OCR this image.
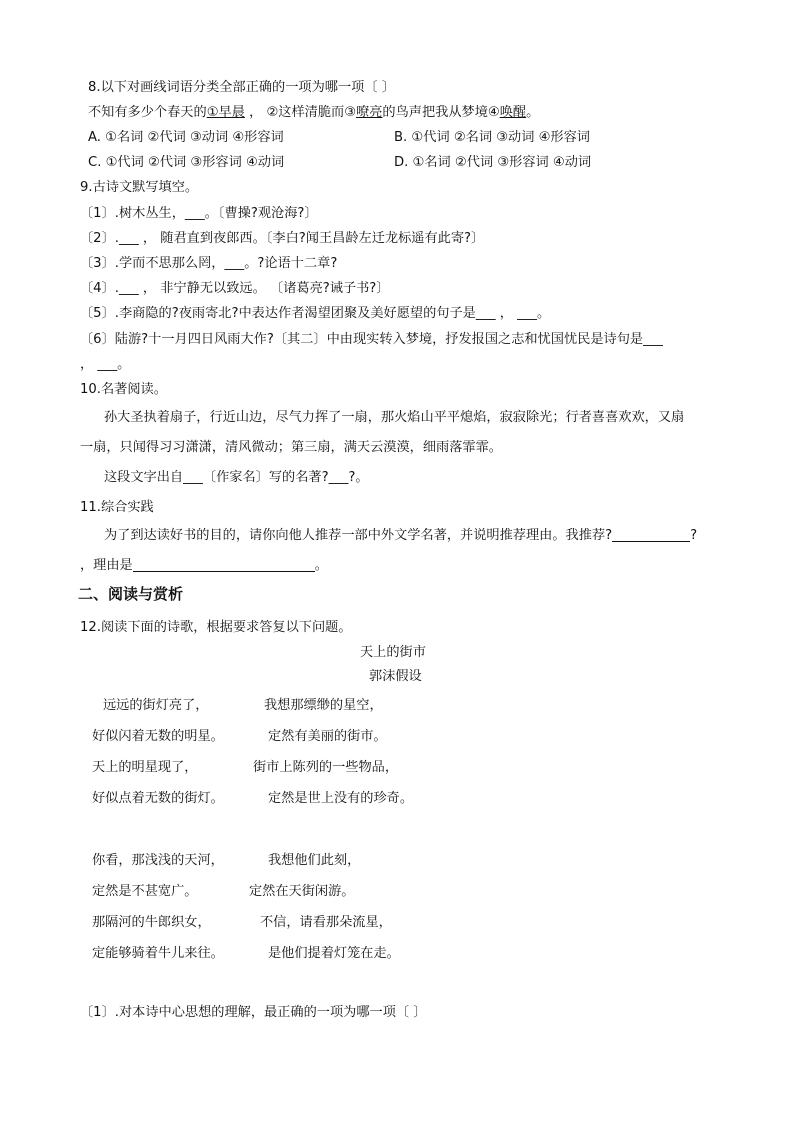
8.以下对画线词语分类全部正确的一项为哪一项〔 〕
不知有多少个春天的①早晨 ， ②这样清脆而③嘹亮的鸟声把我从梦境④唤醒。
A. ①名词 ②代词 ③动词 ④形容词	B. ①代词 ②名词 ③动词 ④形容词
C. ①代词 ②代词 ③形容词 ④动词	D. ①名词 ②代词 ③形容词 ④动词
9.古诗文默写填空。
〔1〕.树木丛生，___。〔曹操?观沧海?〕
〔2〕.___ ， 随君直到夜郎西。〔李白?闻王昌龄左迁龙标遥有此寄?〕
〔3〕.学而不思那么罔，___。?论语十二章?
〔4〕.___ ， 非宁静无以致远。 〔诸葛亮?诫子书?〕
〔5〕.李商隐的?夜雨寄北?中表达作者渴望团聚及美好愿望的句子是___ ， ___。
〔6〕陆游?十一月四日风雨大作?〔其二〕中由现实转入梦境，抒发报国之志和忧国忧民是诗句是___
， ___。
10.名著阅读。
孙大圣执着扇子，行近山边，尽气力挥了一扇，那火焰山平平熄焰，寂寂除光；行者喜喜欢欢，又扇
一扇，只闻得习习潇潇，清风微动；第三扇，满天云漠漠，细雨落霏霏。
这段文字出自___〔作家名〕写的名著?___?。
11.综合实践
为了到达读好书的目的，请你向他人推荐一部中外文学名著，并说明推荐理由。我推荐?	?
，理由是	。
二、阅读与赏析
12.阅读下面的诗歌，根据要求答复以下问题。
天上的街市
郭沫假设
远远的街灯亮了，	我想那缥缈的星空，
好似闪着无数的明星。	定然有美丽的街市。
天上的明星现了，	街市上陈列的一些物品，
好似点着无数的街灯。	定然是世上没有的珍奇。
你看，那浅浅的天河，	我想他们此刻，
定然是不甚宽广。	定然在天街闲游。
那隔河的牛郎织女，	不信，请看那朵流星，
定能够骑着牛儿来往。	是他们提着灯笼在走。
〔1〕.对本诗中心思想的理解，最正确的一项为哪一项〔 〕
